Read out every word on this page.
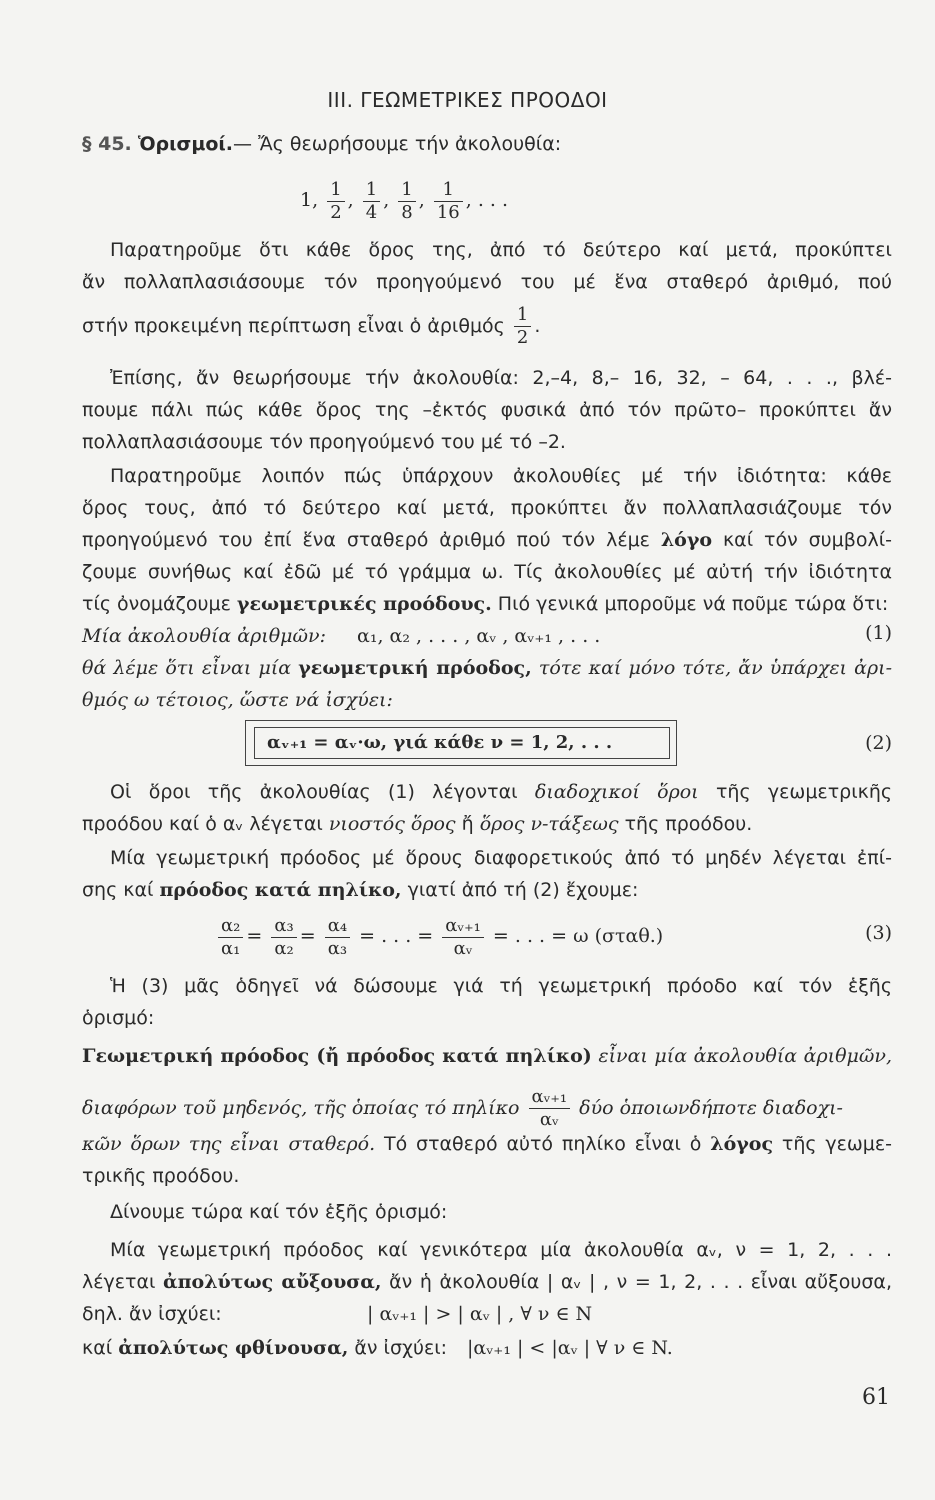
III. ΓΕΩΜΕΤΡΙΚΕΣ ΠΡΟΟΔΟΙ
§ 45. Ὁρισμοί.— Ἄς θεωρήσουμε τήν ἀκολουθία:
1, $\frac{1}{2}$ , $\frac{1}{4}$ , $\frac{1}{8}$ , $\frac{1}{16}$ , . . .
Παρατηροῦμε ὅτι κάθε ὅρος της, ἀπό τό δεύτερο καί μετά, προκύπτει
ἄν πολλαπλασιάσουμε τόν προηγούμενό του μέ ἕνα σταθερό ἀριθμό, πού
στήν προκειμένη περίπτωση εἶναι ὁ ἀριθμός $\frac{1}{2}$ .
Ἐπίσης, ἄν θεωρήσουμε τήν ἀκολουθία: 2,–4, 8,– 16, 32, – 64, . . ., βλέ-
πουμε πάλι πώς κάθε ὅρος της –ἐκτός φυσικά ἀπό τόν πρῶτο– προκύπτει ἄν
πολλαπλασιάσουμε τόν προηγούμενό του μέ τό –2.
Παρατηροῦμε λοιπόν πώς ὑπάρχουν ἀκολουθίες μέ τήν ἰδιότητα: κάθε
ὅρος τους, ἀπό τό δεύτερο καί μετά, προκύπτει ἄν πολλαπλασιάζουμε τόν
προηγούμενό του ἐπί ἕνα σταθερό ἀριθμό πού τόν λέμε λόγο καί τόν συμβολί-
ζουμε συνήθως καί ἐδῶ μέ τό γράμμα ω. Τίς ἀκολουθίες μέ αὐτή τήν ἰδιότητα
τίς ὀνομάζουμε γεωμετρικές προόδους. Πιό γενικά μποροῦμε νά ποῦμε τώρα ὅτι:
Μία ἀκολουθία ἀριθμῶν: α₁, α₂ , . . . , αᵥ , αᵥ₊₁ , . . .	(1)
θά λέμε ὅτι εἶναι μία γεωμετρική πρόοδος, τότε καί μόνο τότε, ἄν ὑπάρχει ἀρι-
θμός ω τέτοιος, ὥστε νά ἰσχύει:
αᵥ₊₁ = αᵥ·ω, γιά κάθε ν = 1, 2, . . .	(2)
Οἱ ὅροι τῆς ἀκολουθίας (1) λέγονται διαδοχικοί ὅροι τῆς γεωμετρικῆς
προόδου καί ὁ αᵥ λέγεται νιοστός ὅρος ἤ ὅρος ν-τάξεως τῆς προόδου.
Μία γεωμετρική πρόοδος μέ ὅρους διαφορετικούς ἀπό τό μηδέν λέγεται ἐπί-
σης καί πρόοδος κατά πηλίκο, γιατί ἀπό τή (2) ἔχουμε:
$\frac{\text{α₂}}{\text{α₁}} = \frac{\text{α₃}}{\text{α₂}} = \frac{\text{α₄}}{\text{α₃}}$ = . . . = $\frac{\text{αᵥ₊₁}}{\text{αᵥ}}$ = . . . = ω (σταθ.)	(3)
Ἡ (3) μᾶς ὁδηγεῖ νά δώσουμε γιά τή γεωμετρική πρόοδο καί τόν ἑξῆς
ὁρισμό:
Γεωμετρική πρόοδος (ἤ πρόοδος κατά πηλίκο) εἶναι μία ἀκολουθία ἀριθμῶν,
διαφόρων τοῦ μηδενός, τῆς ὁποίας τό πηλίκο $\frac{\text{αᵥ₊₁}}{\text{αᵥ}}$ δύο ὁποιωνδήποτε διαδοχι-
κῶν ὅρων της εἶναι σταθερό. Τό σταθερό αὐτό πηλίκο εἶναι ὁ λόγος τῆς γεωμε-
τρικῆς προόδου.
Δίνουμε τώρα καί τόν ἑξῆς ὁρισμό:
Μία γεωμετρική πρόοδος καί γενικότερα μία ἀκολουθία αᵥ, ν = 1, 2, . . .
λέγεται ἀπολύτως αὔξουσα, ἄν ἡ ἀκολουθία | αᵥ | , ν = 1, 2, . . . εἶναι αὔξουσα,
δηλ. ἄν ἰσχύει:	| αᵥ₊₁ | > | αᵥ | , ∀ ν ∈ N
καί ἀπολύτως φθίνουσα, ἄν ἰσχύει: |αᵥ₊₁ | < |αᵥ | ∀ ν ∈ N.
61
